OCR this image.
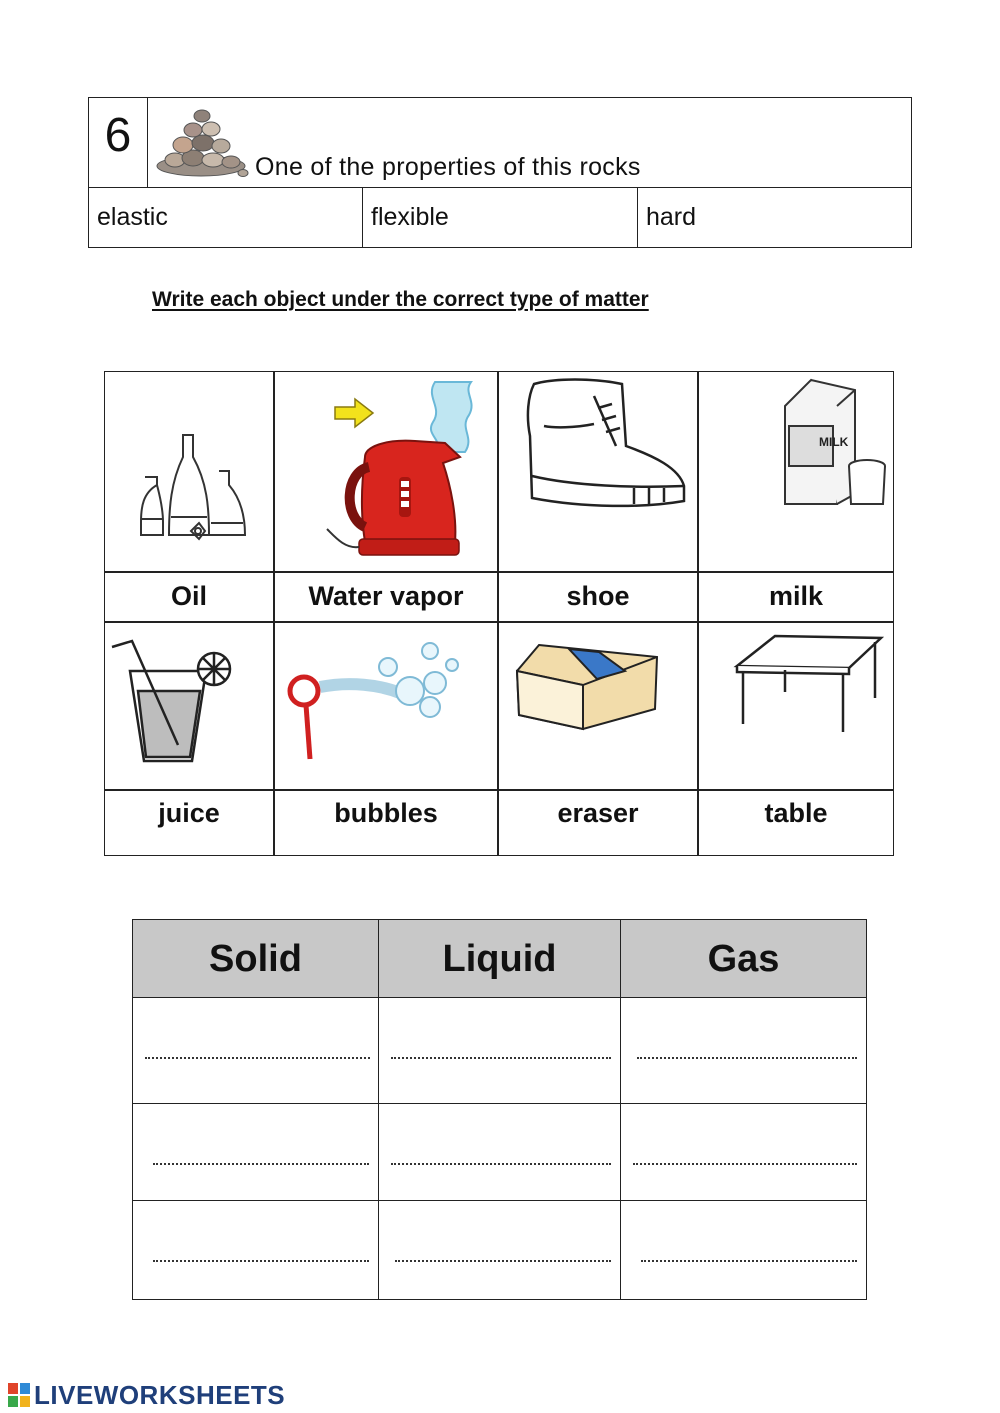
6
One of the properties of this rocks
elastic	flexible	hard
Write each object under the correct type of matter
MILK
Oil	Water vapor	shoe	milk
juice	bubbles	eraser	table
Solid	Liquid	Gas
LIVEWORKSHEETS
